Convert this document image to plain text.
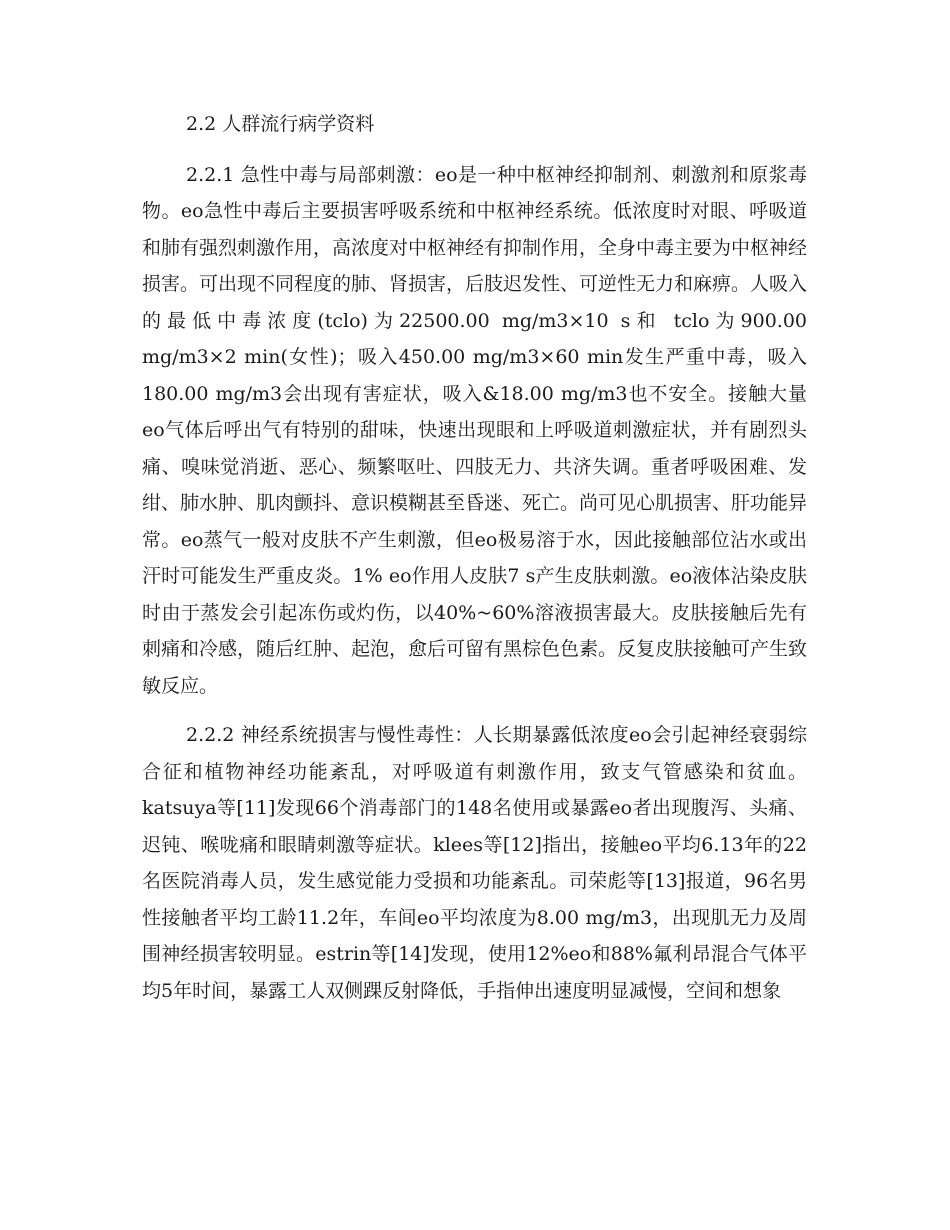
2.2 人群流行病学资料

2.2.1 急性中毒与局部刺激：eo是一种中枢神经抑制剂、刺激剂和原浆毒物。eo急性中毒后主要损害呼吸系统和中枢神经系统。低浓度时对眼、呼吸道和肺有强烈刺激作用，高浓度对中枢神经有抑制作用，全身中毒主要为中枢神经损害。可出现不同程度的肺、肾损害，后肢迟发性、可逆性无力和麻痹。人吸入的最低中毒浓度(tclo)为22500.00 mg/m3×10 s和 tclo为900.00 mg/m3×2 min(女性)；吸入450.00 mg/m3×60 min发生严重中毒，吸入180.00 mg/m3会出现有害症状，吸入&18.00 mg/m3也不安全。接触大量eo气体后呼出气有特别的甜味，快速出现眼和上呼吸道刺激症状，并有剧烈头痛、嗅味觉消逝、恶心、频繁呕吐、四肢无力、共济失调。重者呼吸困难、发绀、肺水肿、肌肉颤抖、意识模糊甚至昏迷、死亡。尚可见心肌损害、肝功能异常。eo蒸气一般对皮肤不产生刺激，但eo极易溶于水，因此接触部位沾水或出汗时可能发生严重皮炎。1% eo作用人皮肤7 s产生皮肤刺激。eo液体沾染皮肤时由于蒸发会引起冻伤或灼伤，以40%~60%溶液损害最大。皮肤接触后先有刺痛和冷感，随后红肿、起泡，愈后可留有黑棕色色素。反复皮肤接触可产生致敏反应。

2.2.2 神经系统损害与慢性毒性：人长期暴露低浓度eo会引起神经衰弱综合征和植物神经功能紊乱，对呼吸道有刺激作用，致支气管感染和贫血。katsuya等[11]发现66个消毒部门的148名使用或暴露eo者出现腹泻、头痛、迟钝、喉咙痛和眼睛刺激等症状。klees等[12]指出，接触eo平均6.13年的22名医院消毒人员，发生感觉能力受损和功能紊乱。司荣彪等[13]报道，96名男性接触者平均工龄11.2年，车间eo平均浓度为8.00 mg/m3，出现肌无力及周围神经损害较明显。estrin等[14]发现，使用12%eo和88%氟利昂混合气体平均5年时间，暴露工人双侧踝反射降低，手指伸出速度明显减慢，空间和想象
